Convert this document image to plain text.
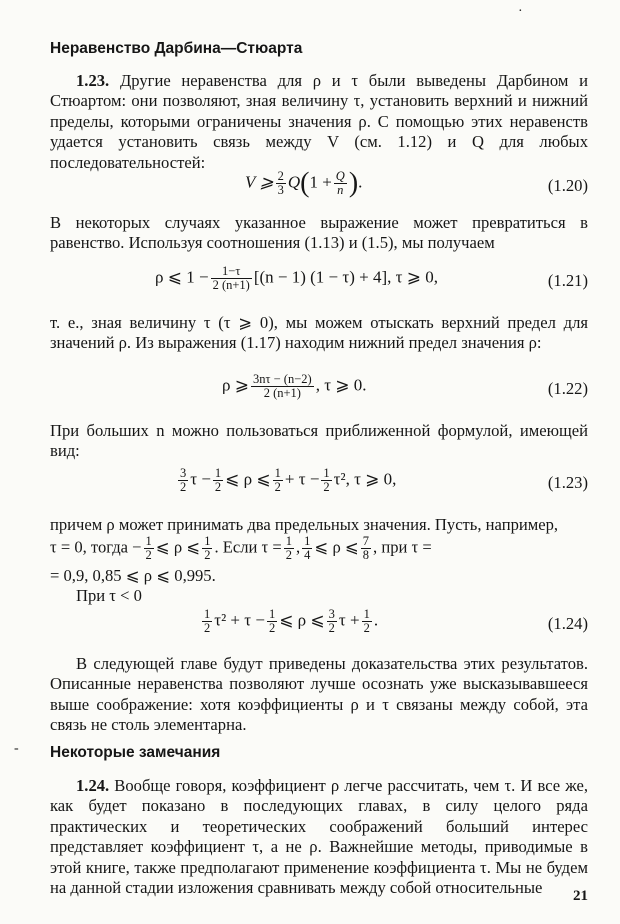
·
Неравенство Дарбина—Стюарта

1.23. Другие неравенства для ρ и τ были выведены Дарбином и Стюартом: они позволяют, зная величину τ, установить верхний и нижний пределы, которыми ограничены значения ρ. С помощью этих неравенств удается установить связь между V (см. 1.12) и Q для любых последовательностей:

V ⩾ $\frac{2}{3} Q(1 + \frac{Q}{n}$ ).	(1.20)

В некоторых случаях указанное выражение может превратиться в равенство. Используя соотношения (1.13) и (1.5), мы получаем

ρ ⩽ $1 - \frac{1-\tau}{2 (n+1)} [(n - 1) (1 - \tau) + 4]$, τ ⩾ 0,	(1.21)

т. е., зная величину τ (τ ⩾ 0), мы можем отыскать верхний предел для значений ρ. Из выражения (1.17) находим нижний предел значения ρ:

ρ ⩾ $\frac{3n\tau - (n-2)}{2 (n+1)}$ , τ ⩾ 0.	(1.22)

При больших n можно пользоваться приближенной формулой, имеющей вид:

$\frac{3}{2}$ $\tau - \frac{1}{2}$ ⩽ ρ ⩽ $\frac{1}{2} + \tau - \frac{1}{2} \tau^2$, τ ⩾ 0,	(1.23)
причем ρ может принимать два предельных значения. Пусть, например,
τ = 0, тогда − $\frac{1}{2}$ ⩽ ρ ⩽ $\frac{1}{2}$ . Если $\tau = \frac{1}{2}$ , $\frac{1}{4}$ ⩽ ρ ⩽ $\frac{7}{8}$ , при τ =
= 0,9, 0,85 ⩽ ρ ⩽ 0,995.
При τ < 0
$\frac{1}{2} \tau^2 + \tau - \frac{1}{2}$ ⩽ ρ ⩽ $\frac{3}{2}$ $\tau + \frac{1}{2}$ .	(1.24)

В следующей главе будут приведены доказательства этих результатов. Описанные неравенства позволяют лучше осознать уже высказывавшееся выше соображение: хотя коэффициенты ρ и τ связаны между собой, эта связь не столь элементарна.

- Некоторые замечания

1.24. Вообще говоря, коэффициент ρ легче рассчитать, чем τ. И все же, как будет показано в последующих главах, в силу целого ряда практических и теоретических соображений больший интерес представляет коэффициент τ, а не ρ. Важнейшие методы, приводимые в этой книге, также предполагают применение коэффициента τ. Мы не будем на данной стадии изложения сравнивать между собой относительные	21
